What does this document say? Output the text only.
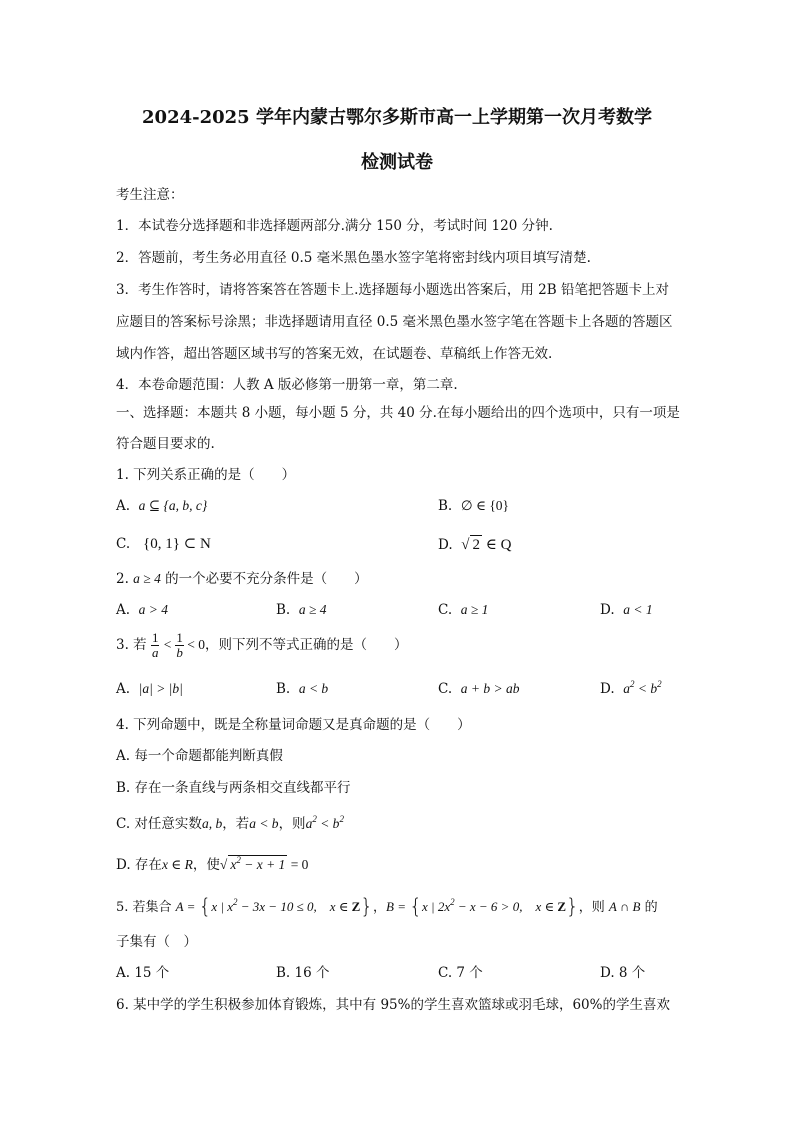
2024-2025 学年内蒙古鄂尔多斯市高一上学期第一次月考数学
检测试卷
考生注意：
1．本试卷分选择题和非选择题两部分.满分 150 分，考试时间 120 分钟.
2．答题前，考生务必用直径 0.5 毫米黑色墨水签字笔将密封线内项目填写清楚.
3．考生作答时，请将答案答在答题卡上.选择题每小题选出答案后，用 2B 铅笔把答题卡上对
应题目的答案标号涂黑；非选择题请用直径 0.5 毫米黑色墨水签字笔在答题卡上各题的答题区
域内作答，超出答题区域书写的答案无效，在试题卷、草稿纸上作答无效.
4．本卷命题范围：人教 A 版必修第一册第一章，第二章.
一、选择题：本题共 8 小题，每小题 5 分，共 40 分.在每小题给出的四个选项中，只有一项是
符合题目要求的.
1. 下列关系正确的是（　　）
A. a ⊆ {a, b, c}	B. ∅ ∈ {0}
C. {0, 1} ⊂ N	D. √ 2 ∈ Q
2. a ≥ 4 的一个必要不充分条件是（　　）
A. a > 4	B. a ≥ 4	C. a ≥ 1	D. a < 1
3. 若 $\frac{1}{a} < \frac{1}{b} < 0$，则下列不等式正确的是（　　）
A. |a| > |b|	B. a < b	C. a + b > ab	D. $a^2 < b^2$
4. 下列命题中，既是全称量词命题又是真命题的是（　　）
A. 每一个命题都能判断真假
B. 存在一条直线与两条相交直线都平行
C. 对任意实数a, b，若a < b，则$a^2 < b^2$
D. 存在x ∈ R，使√ $x^2 - x + 1 = 0$
5. 若集合 A = {x | $x^2 - 3x - 10 \le 0$,　x ∈ Z}，B = {x | $2x^2 - x - 6 > 0$,　x ∈ Z}，则 A ∩ B 的
子集有（　）
A. 15 个	B. 16 个	C. 7 个	D. 8 个
6. 某中学的学生积极参加体育锻炼，其中有 95%的学生喜欢篮球或羽毛球，60%的学生喜欢
